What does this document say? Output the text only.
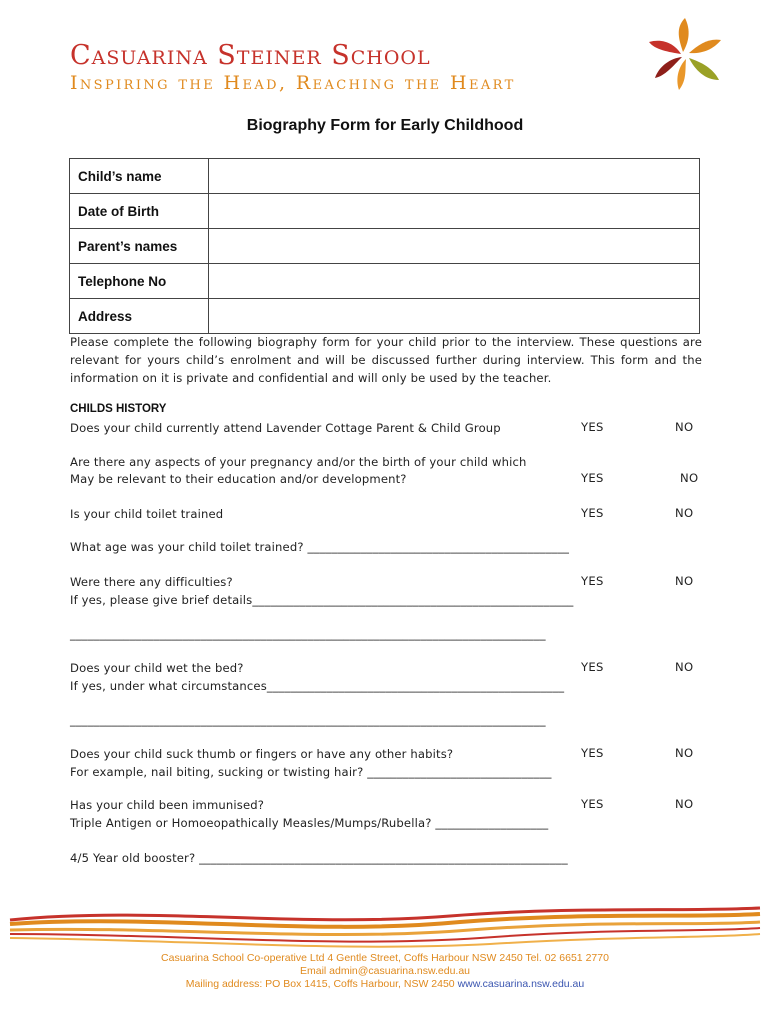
Casuarina Steiner School
Inspiring the Head, Reaching the Heart
Biography Form for Early Childhood
Child’s name	
Date of Birth	
Parent’s names	
Telephone No	
Address	
Please complete the following biography form for your child prior to the interview. These questions are relevant for yours child’s enrolment and will be discussed further during interview. This form and the information on it is private and confidential and will only be used by the teacher.
CHILDS HISTORY
Does your child currently attend Lavender Cottage Parent & Child Group	YES	NO
Are there any aspects of your pregnancy and/or the birth of your child which
May be relevant to their education and/or development?	YES	NO
Is your child toilet trained	YES	NO
What age was your child toilet trained? ____________________________________________
Were there any difficulties?	YES	NO
If yes, please give brief details______________________________________________________
________________________________________________________________________________
Does your child wet the bed?	YES	NO
If yes, under what circumstances__________________________________________________
________________________________________________________________________________
Does your child suck thumb or fingers or have any other habits?	YES	NO
For example, nail biting, sucking or twisting hair? _______________________________
Has your child been immunised?	YES	NO
Triple Antigen or Homoeopathically Measles/Mumps/Rubella? ___________________
4/5 Year old booster? ______________________________________________________________
Casuarina School Co-operative Ltd 4 Gentle Street, Coffs Harbour NSW 2450 Tel. 02 6651 2770
Email admin@casuarina.nsw.edu.au
Mailing address: PO Box 1415, Coffs Harbour, NSW 2450 www.casuarina.nsw.edu.au
